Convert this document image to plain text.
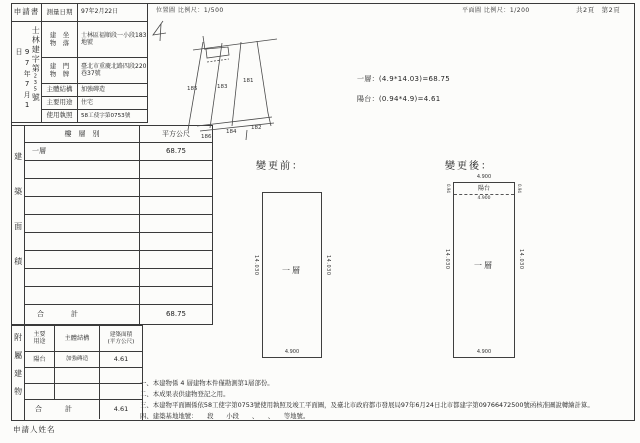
申請書	測量日期	97年2月22日
97年7月1日	士林建字第235號
建　坐
物　落
士林區福順段一小段183地號
建　門
物　牌
臺北市重慶北路四段220巷37號
主體結構	加強磚造
主要用途	住宅
使用執照	58工使字第0753號
建築面積
樓　層　別	平方公尺
一層	68.75
合　計	68.75
附屬建物	主要
用途	主體結構	建築面積
(平方公尺)
陽台	加強磚造	4.61
合　計	4.61
申請人姓名
位置圖 比例尺：1/500	平面圖 比例尺：1/200	共2頁　第2頁
185	183
181
186
184
182
一層：(4.9*14.03)=68.75
陽台：(0.94*4.9)=4.61
變更前：
一層
14.030	14.030
4.900
變更後：
4.900
陽台
4.900
0.94	0.94
一層
14.030	14.030
4.900
一、本建物係 4 層建物本件僅勘測第1層部份。
二、本成果表供建物登記之用。
三、本建物平面圖係依58工使字第0753號使用執照及竣工平面圖，及臺北市政府都市發展局97年6月24日北市都建字第09766472500號函核准圖說轉繪計算。
四、建築基地地號：　　段　　小段　　、　　、　　等地號。
